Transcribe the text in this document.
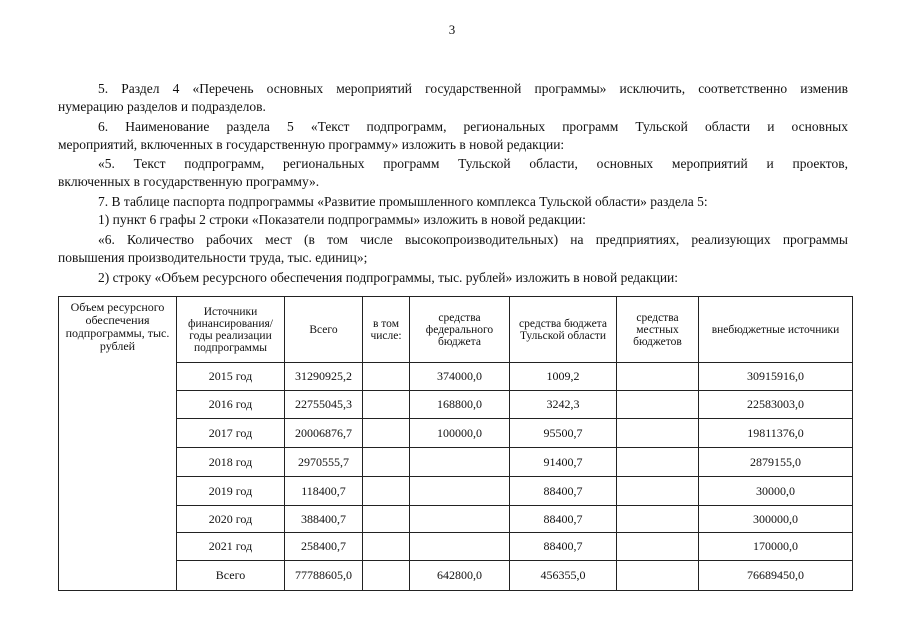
3
5. Раздел 4 «Перечень основных мероприятий государственной программы» исключить, соответственно изменив
нумерацию разделов и подразделов.
6. Наименование раздела 5 «Текст подпрограмм, региональных программ Тульской области и основных
мероприятий, включенных в государственную программу» изложить в новой редакции:
«5. Текст подпрограмм, региональных программ Тульской области, основных мероприятий и проектов,
включенных в государственную программу».
7. В таблице паспорта подпрограммы «Развитие промышленного комплекса Тульской области» раздела 5:
1) пункт 6 графы 2 строки «Показатели подпрограммы» изложить в новой редакции:
«6. Количество рабочих мест (в том числе высокопроизводительных) на предприятиях, реализующих программы
повышения производительности труда, тыс. единиц»;
2) строку «Объем ресурсного обеспечения подпрограммы, тыс. рублей» изложить в новой редакции:
Объем ресурсного обеспечения подпрограммы, тыс. рублей	Источники финансирования/ годы реализации подпрограммы	Всего	в том числе:	средства федерального бюджета	средства бюджета Тульской области	средства местных бюджетов	внебюджетные источники
	2015 год	31290925,2		374000,0	1009,2		30915916,0
	2016 год	22755045,3		168800,0	3242,3		22583003,0
	2017 год	20006876,7		100000,0	95500,7		19811376,0
	2018 год	2970555,7			91400,7		2879155,0
	2019 год	118400,7			88400,7		30000,0
	2020 год	388400,7			88400,7		300000,0
	2021 год	258400,7			88400,7		170000,0
	Всего	77788605,0		642800,0	456355,0		76689450,0
